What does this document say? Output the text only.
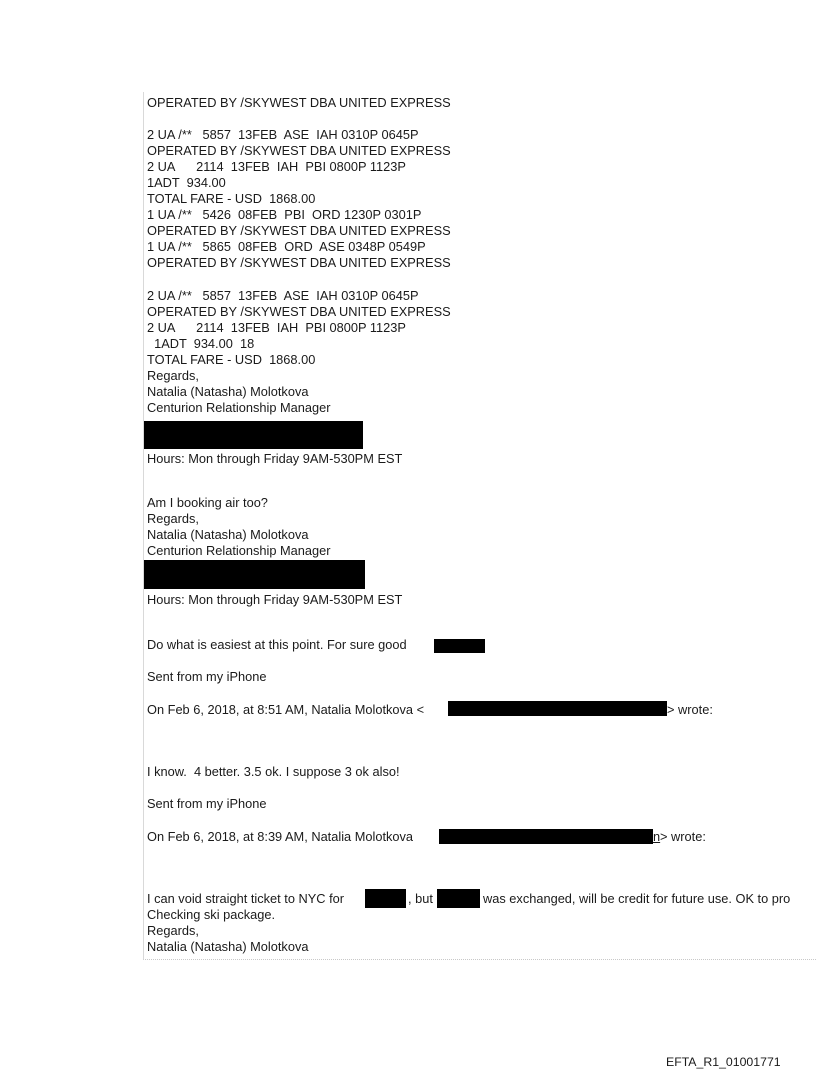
OPERATED BY /SKYWEST DBA UNITED EXPRESS
2 UA /**   5857  13FEB  ASE  IAH 0310P 0645P
OPERATED BY /SKYWEST DBA UNITED EXPRESS
2 UA      2114  13FEB  IAH  PBI 0800P 1123P
1ADT  934.00
TOTAL FARE - USD  1868.00
1 UA /**   5426  08FEB  PBI  ORD 1230P 0301P
OPERATED BY /SKYWEST DBA UNITED EXPRESS
1 UA /**   5865  08FEB  ORD  ASE 0348P 0549P
OPERATED BY /SKYWEST DBA UNITED EXPRESS
2 UA /**   5857  13FEB  ASE  IAH 0310P 0645P
OPERATED BY /SKYWEST DBA UNITED EXPRESS
2 UA      2114  13FEB  IAH  PBI 0800P 1123P
1ADT  934.00  18
TOTAL FARE - USD  1868.00
Regards,
Natalia (Natasha) Molotkova
Centurion Relationship Manager
Hours: Mon through Friday 9AM-530PM EST
Am I booking air too?
Regards,
Natalia (Natasha) Molotkova
Centurion Relationship Manager
Hours: Mon through Friday 9AM-530PM EST
Do what is easiest at this point. For sure good
Sent from my iPhone
On Feb 6, 2018, at 8:51 AM, Natalia Molotkova <	> wrote:
I know.  4 better. 3.5 ok. I suppose 3 ok also!
Sent from my iPhone
On Feb 6, 2018, at 8:39 AM, Natalia Molotkova	n > wrote:
I can void straight ticket to NYC for	, but	was exchanged, will be credit for future use. OK to pro
Checking ski package.
Regards,
Natalia (Natasha) Molotkova
EFTA_R1_01001771
